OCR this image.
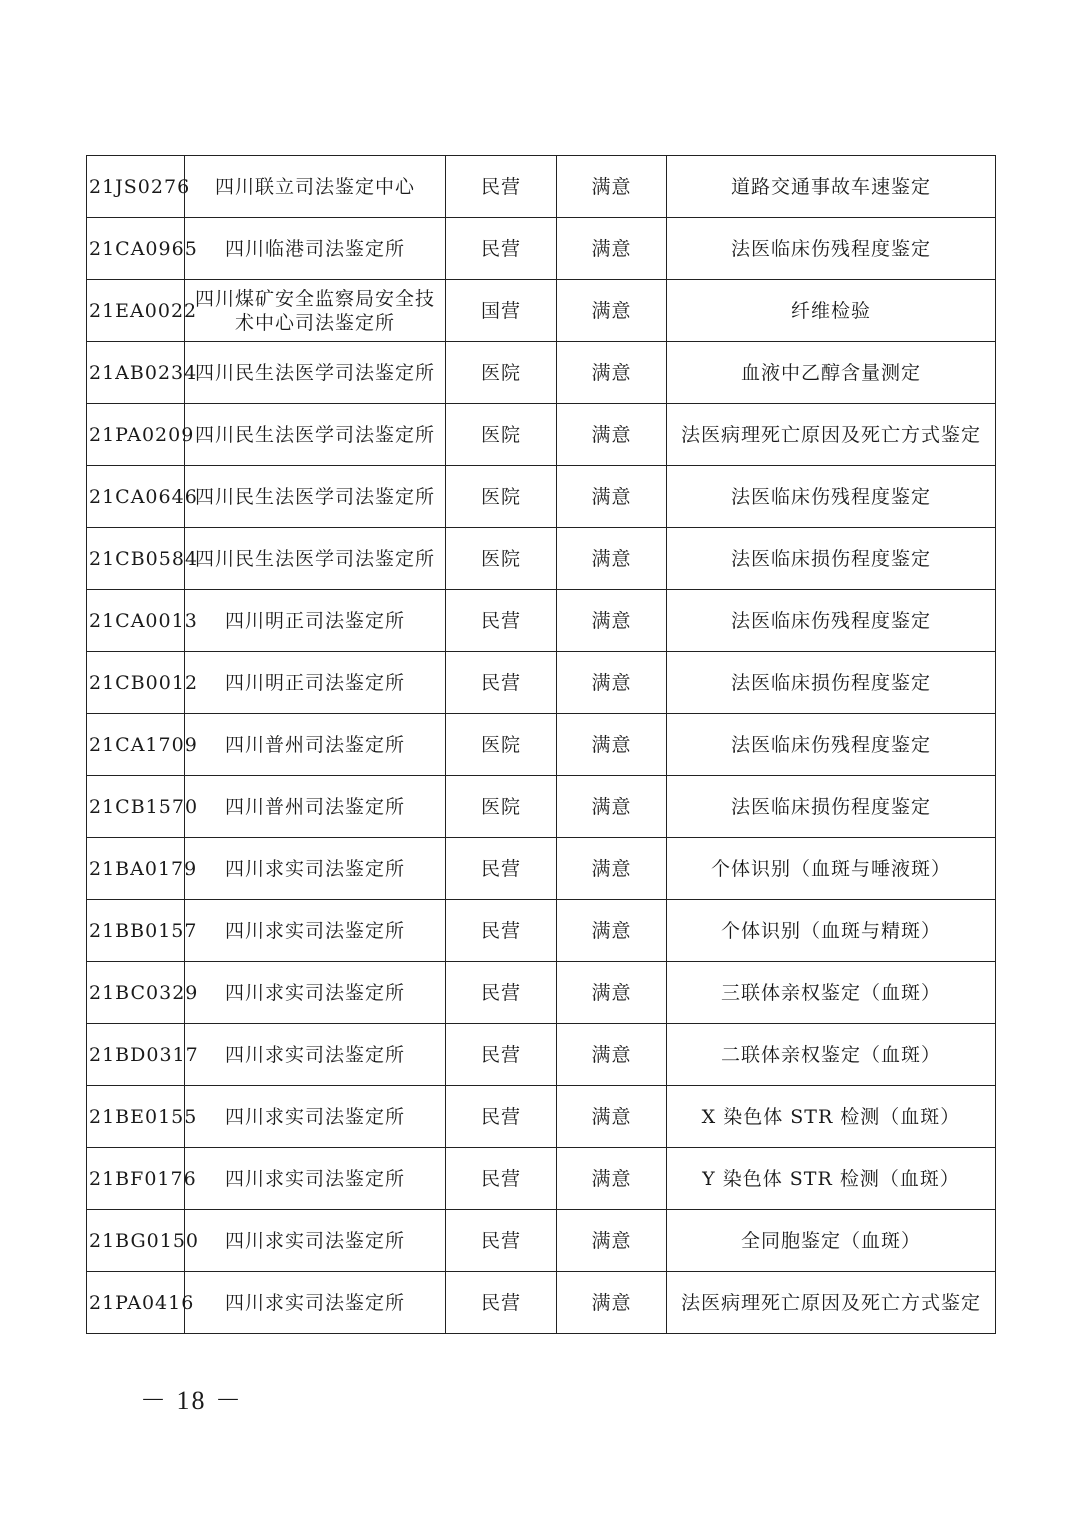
21JS0276	四川联立司法鉴定中心	民营	满意	道路交通事故车速鉴定
21CA0965	四川临港司法鉴定所	民营	满意	法医临床伤残程度鉴定
21EA0022	四川煤矿安全监察局安全技术中心司法鉴定所	国营	满意	纤维检验
21AB0234	四川民生法医学司法鉴定所	医院	满意	血液中乙醇含量测定
21PA0209	四川民生法医学司法鉴定所	医院	满意	法医病理死亡原因及死亡方式鉴定
21CA0646	四川民生法医学司法鉴定所	医院	满意	法医临床伤残程度鉴定
21CB0584	四川民生法医学司法鉴定所	医院	满意	法医临床损伤程度鉴定
21CA0013	四川明正司法鉴定所	民营	满意	法医临床伤残程度鉴定
21CB0012	四川明正司法鉴定所	民营	满意	法医临床损伤程度鉴定
21CA1709	四川普州司法鉴定所	医院	满意	法医临床伤残程度鉴定
21CB1570	四川普州司法鉴定所	医院	满意	法医临床损伤程度鉴定
21BA0179	四川求实司法鉴定所	民营	满意	个体识别（血斑与唾液斑）
21BB0157	四川求实司法鉴定所	民营	满意	个体识别（血斑与精斑）
21BC0329	四川求实司法鉴定所	民营	满意	三联体亲权鉴定（血斑）
21BD0317	四川求实司法鉴定所	民营	满意	二联体亲权鉴定（血斑）
21BE0155	四川求实司法鉴定所	民营	满意	X 染色体 STR 检测（血斑）
21BF0176	四川求实司法鉴定所	民营	满意	Y 染色体 STR 检测（血斑）
21BG0150	四川求实司法鉴定所	民营	满意	全同胞鉴定（血斑）
21PA0416	四川求实司法鉴定所	民营	满意	法医病理死亡原因及死亡方式鉴定
－ 18 －
